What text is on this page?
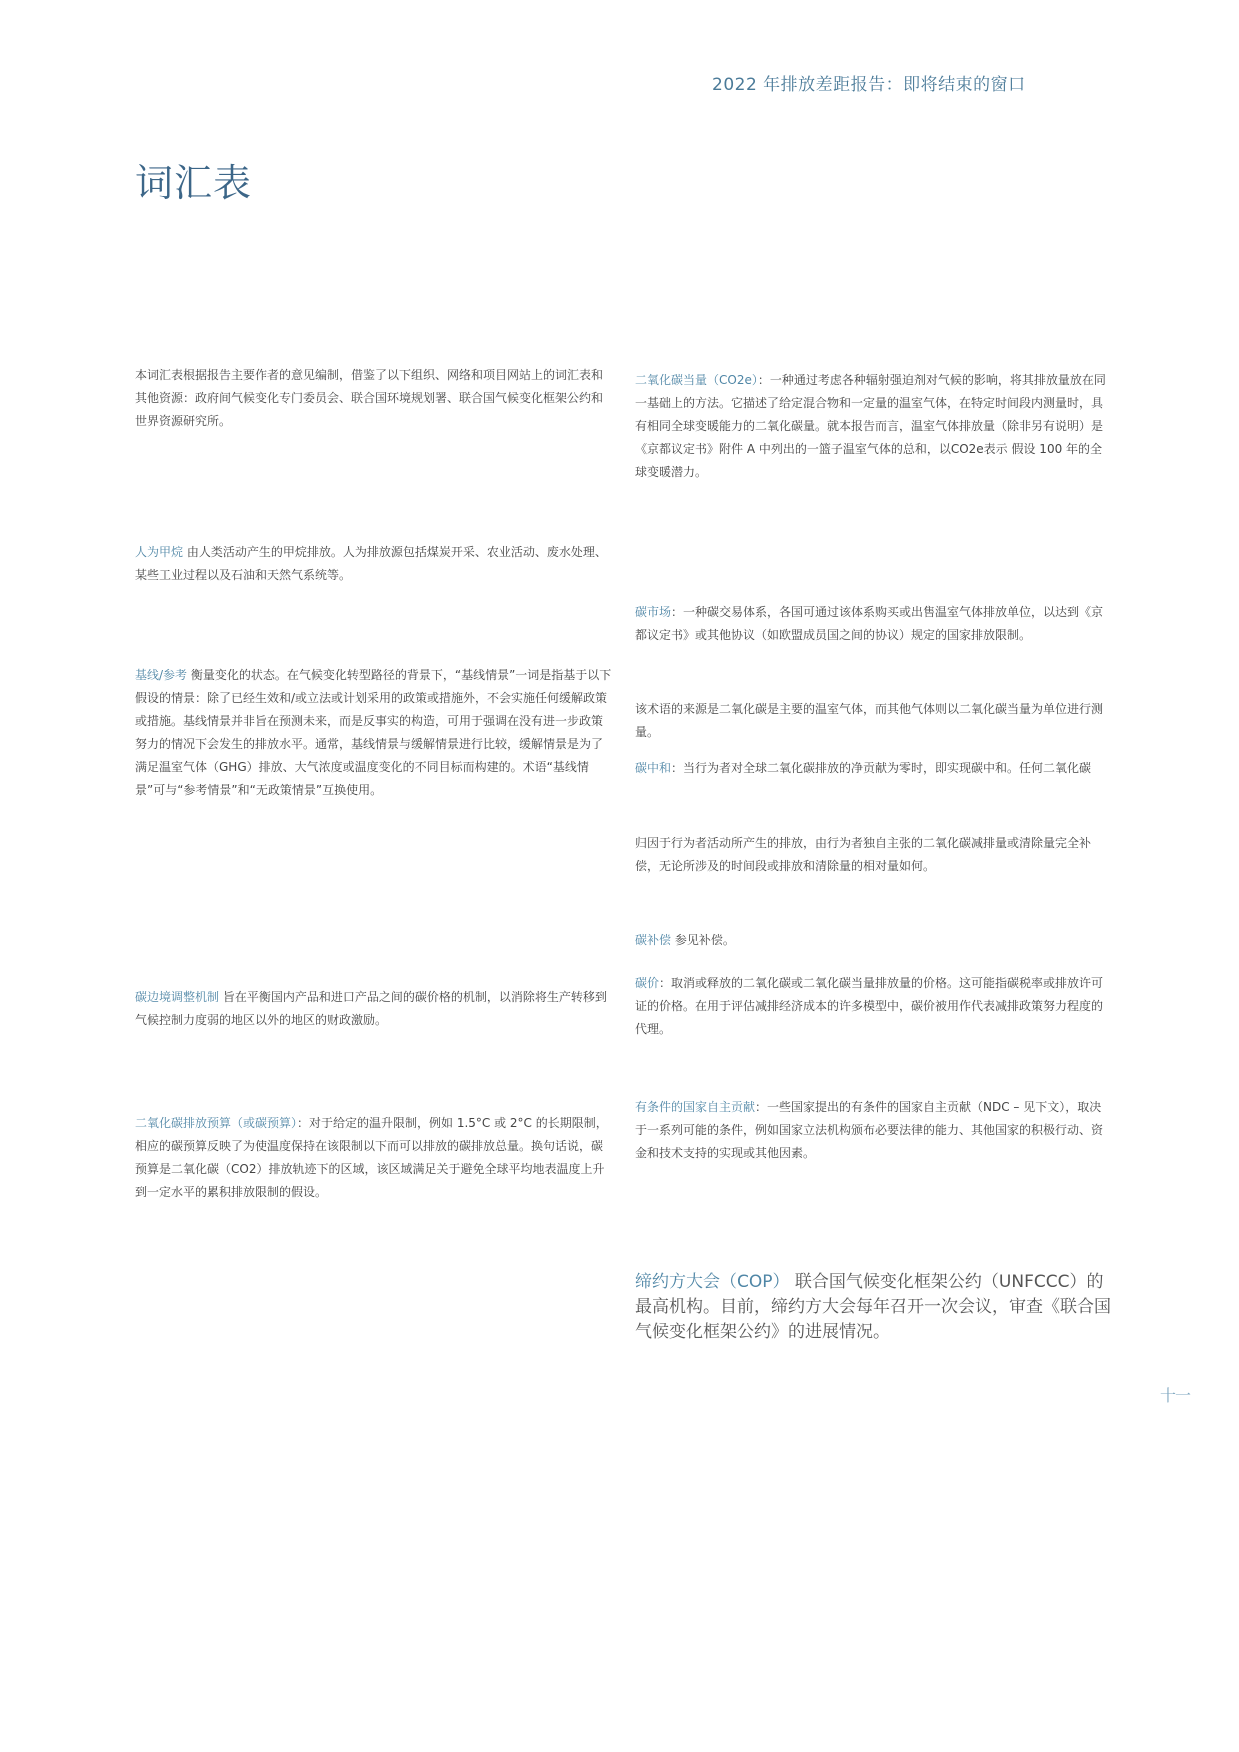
2022 年排放差距报告：即将结束的窗口
词汇表

本词汇表根据报告主要作者的意见编制，借鉴了以下组织、网络和项目网站上的词汇表和其他资源：政府间气候变化专门委员会、联合国环境规划署、联合国气候变化框架公约和世界资源研究所。

人为甲烷 由人类活动产生的甲烷排放。人为排放源包括煤炭开采、农业活动、废水处理、某些工业过程以及石油和天然气系统等。

基线/参考 衡量变化的状态。在气候变化转型路径的背景下，“基线情景”一词是指基于以下假设的情景：除了已经生效和/或立法或计划采用的政策或措施外，不会实施任何缓解政策或措施。基线情景并非旨在预测未来，而是反事实的构造，可用于强调在没有进一步政策努力的情况下会发生的排放水平。通常，基线情景与缓解情景进行比较，缓解情景是为了满足温室气体（GHG）排放、大气浓度或温度变化的不同目标而构建的。术语“基线情景”可与“参考情景”和“无政策情景”互换使用。

碳边境调整机制 旨在平衡国内产品和进口产品之间的碳价格的机制，以消除将生产转移到气候控制力度弱的地区以外的地区的财政激励。

二氧化碳排放预算（或碳预算）：对于给定的温升限制，例如 1.5°C 或 2°C 的长期限制，相应的碳预算反映了为使温度保持在该限制以下而可以排放的碳排放总量。换句话说，碳预算是二氧化碳（CO2）排放轨迹下的区域，该区域满足关于避免全球平均地表温度上升到一定水平的累积排放限制的假设。

二氧化碳当量（CO2e）：一种通过考虑各种辐射强迫剂对气候的影响，将其排放量放在同一基础上的方法。它描述了给定混合物和一定量的温室气体，在特定时间段内测量时，具有相同全球变暖能力的二氧化碳量。就本报告而言，温室气体排放量（除非另有说明）是《京都议定书》附件 A 中列出的一篮子温室气体的总和，以CO2e表示 假设 100 年的全球变暖潜力。

碳市场：一种碳交易体系，各国可通过该体系购买或出售温室气体排放单位，以达到《京都议定书》或其他协议（如欧盟成员国之间的协议）规定的国家排放限制。

该术语的来源是二氧化碳是主要的温室气体，而其他气体则以二氧化碳当量为单位进行测量。

碳中和：当行为者对全球二氧化碳排放的净贡献为零时，即实现碳中和。任何二氧化碳

归因于行为者活动所产生的排放，由行为者独自主张的二氧化碳减排量或清除量完全补偿，无论所涉及的时间段或排放和清除量的相对量如何。

碳补偿 参见补偿。

碳价：取消或释放的二氧化碳或二氧化碳当量排放量的价格。这可能指碳税率或排放许可证的价格。在用于评估减排经济成本的许多模型中，碳价被用作代表减排政策努力程度的代理。

有条件的国家自主贡献：一些国家提出的有条件的国家自主贡献（NDC – 见下文），取决于一系列可能的条件，例如国家立法机构颁布必要法律的能力、其他国家的积极行动、资金和技术支持的实现或其他因素。

缔约方大会（COP） 联合国气候变化框架公约（UNFCCC）的最高机构。目前，缔约方大会每年召开一次会议，审查《联合国气候变化框架公约》的进展情况。

十一
